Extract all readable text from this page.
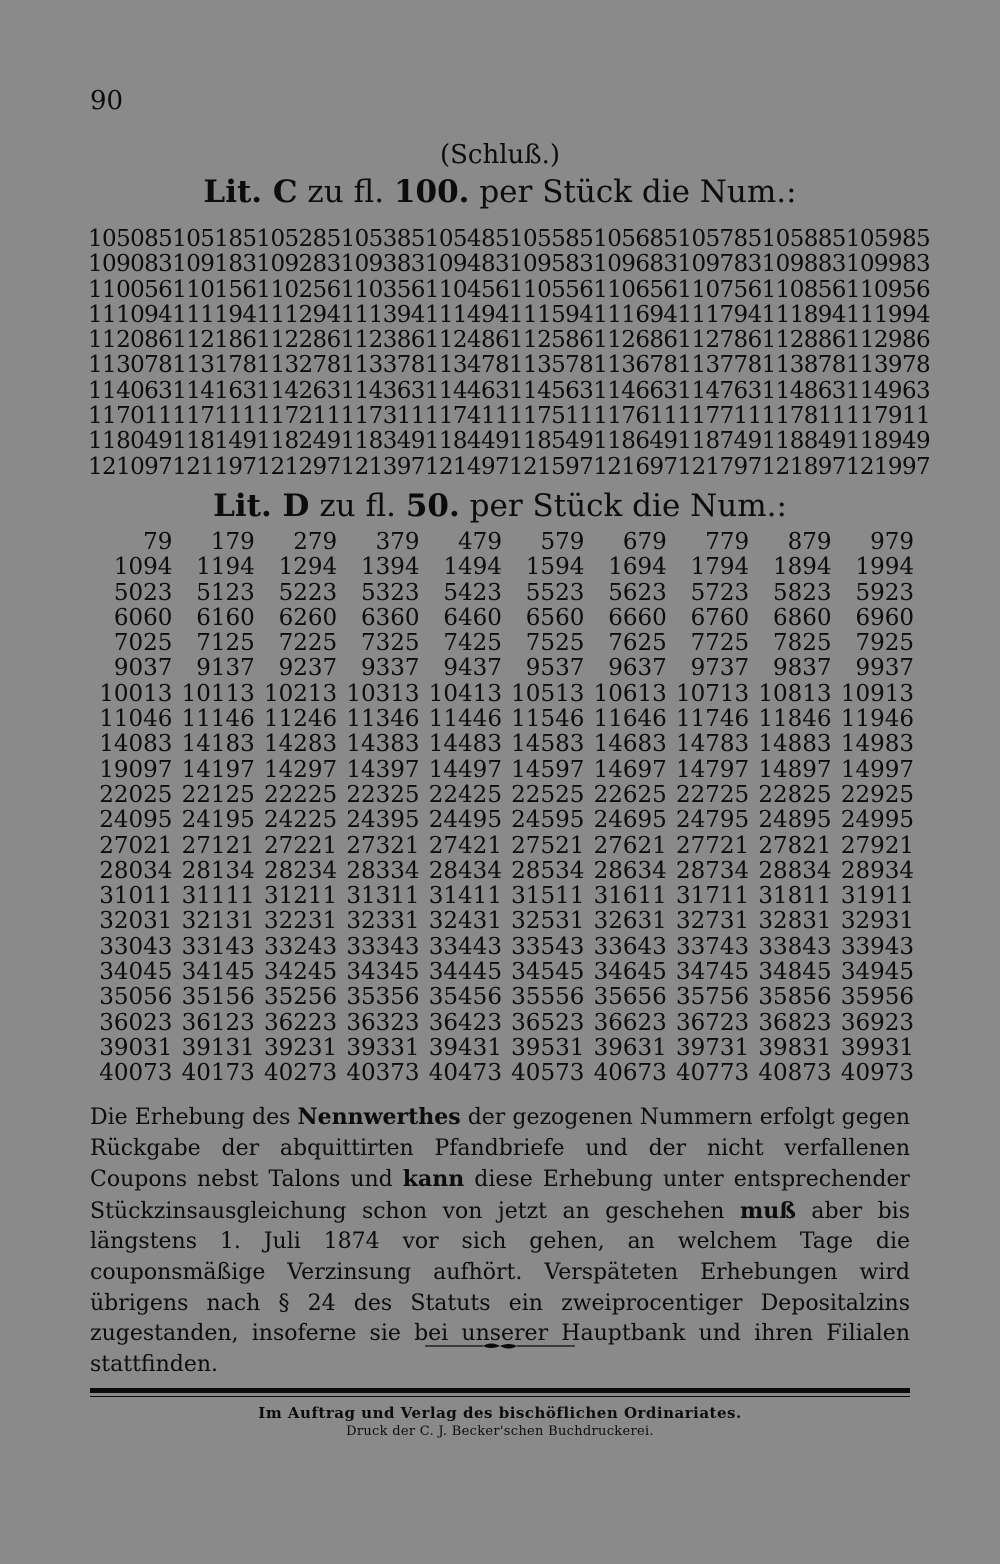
90
(Schluß.)
Lit. C zu fl. 100. per Stück die Num.:
105085	105185	105285	105385	105485	105585	105685	105785	105885	105985
109083	109183	109283	109383	109483	109583	109683	109783	109883	109983
110056	110156	110256	110356	110456	110556	110656	110756	110856	110956
111094	111194	111294	111394	111494	111594	111694	111794	111894	111994
112086	112186	112286	112386	112486	112586	112686	112786	112886	112986
113078	113178	113278	113378	113478	113578	113678	113778	113878	113978
114063	114163	114263	114363	114463	114563	114663	114763	114863	114963
117011	117111	117211	117311	117411	117511	117611	117711	117811	117911
118049	118149	118249	118349	118449	118549	118649	118749	118849	118949
121097	121197	121297	121397	121497	121597	121697	121797	121897	121997
Lit. D zu fl. 50. per Stück die Num.:
79	179	279	379	479	579	679	779	879	979
1094	1194	1294	1394	1494	1594	1694	1794	1894	1994
5023	5123	5223	5323	5423	5523	5623	5723	5823	5923
6060	6160	6260	6360	6460	6560	6660	6760	6860	6960
7025	7125	7225	7325	7425	7525	7625	7725	7825	7925
9037	9137	9237	9337	9437	9537	9637	9737	9837	9937
10013	10113	10213	10313	10413	10513	10613	10713	10813	10913
11046	11146	11246	11346	11446	11546	11646	11746	11846	11946
14083	14183	14283	14383	14483	14583	14683	14783	14883	14983
19097	14197	14297	14397	14497	14597	14697	14797	14897	14997
22025	22125	22225	22325	22425	22525	22625	22725	22825	22925
24095	24195	24225	24395	24495	24595	24695	24795	24895	24995
27021	27121	27221	27321	27421	27521	27621	27721	27821	27921
28034	28134	28234	28334	28434	28534	28634	28734	28834	28934
31011	31111	31211	31311	31411	31511	31611	31711	31811	31911
32031	32131	32231	32331	32431	32531	32631	32731	32831	32931
33043	33143	33243	33343	33443	33543	33643	33743	33843	33943
34045	34145	34245	34345	34445	34545	34645	34745	34845	34945
35056	35156	35256	35356	35456	35556	35656	35756	35856	35956
36023	36123	36223	36323	36423	36523	36623	36723	36823	36923
39031	39131	39231	39331	39431	39531	39631	39731	39831	39931
40073	40173	40273	40373	40473	40573	40673	40773	40873	40973
Die Erhebung des Nennwerthes der gezogenen Nummern erfolgt gegen Rückgabe der abquittirten Pfandbriefe und der nicht verfallenen Coupons nebst Talons und kann diese Erhebung unter entsprechender Stückzinsausgleichung schon von jetzt an geschehen muß aber bis längstens 1. Juli 1874 vor sich gehen, an welchem Tage die couponsmäßige Verzinsung aufhört. Verspäteten Erhebungen wird übrigens nach § 24 des Statuts ein zweiprocentiger Depositalzins zugestanden, insoferne sie bei unserer Hauptbank und ihren Filialen stattfinden.
Im Auftrag und Verlag des bischöflichen Ordinariates.
Druck der C. J. Becker'schen Buchdruckerei.
